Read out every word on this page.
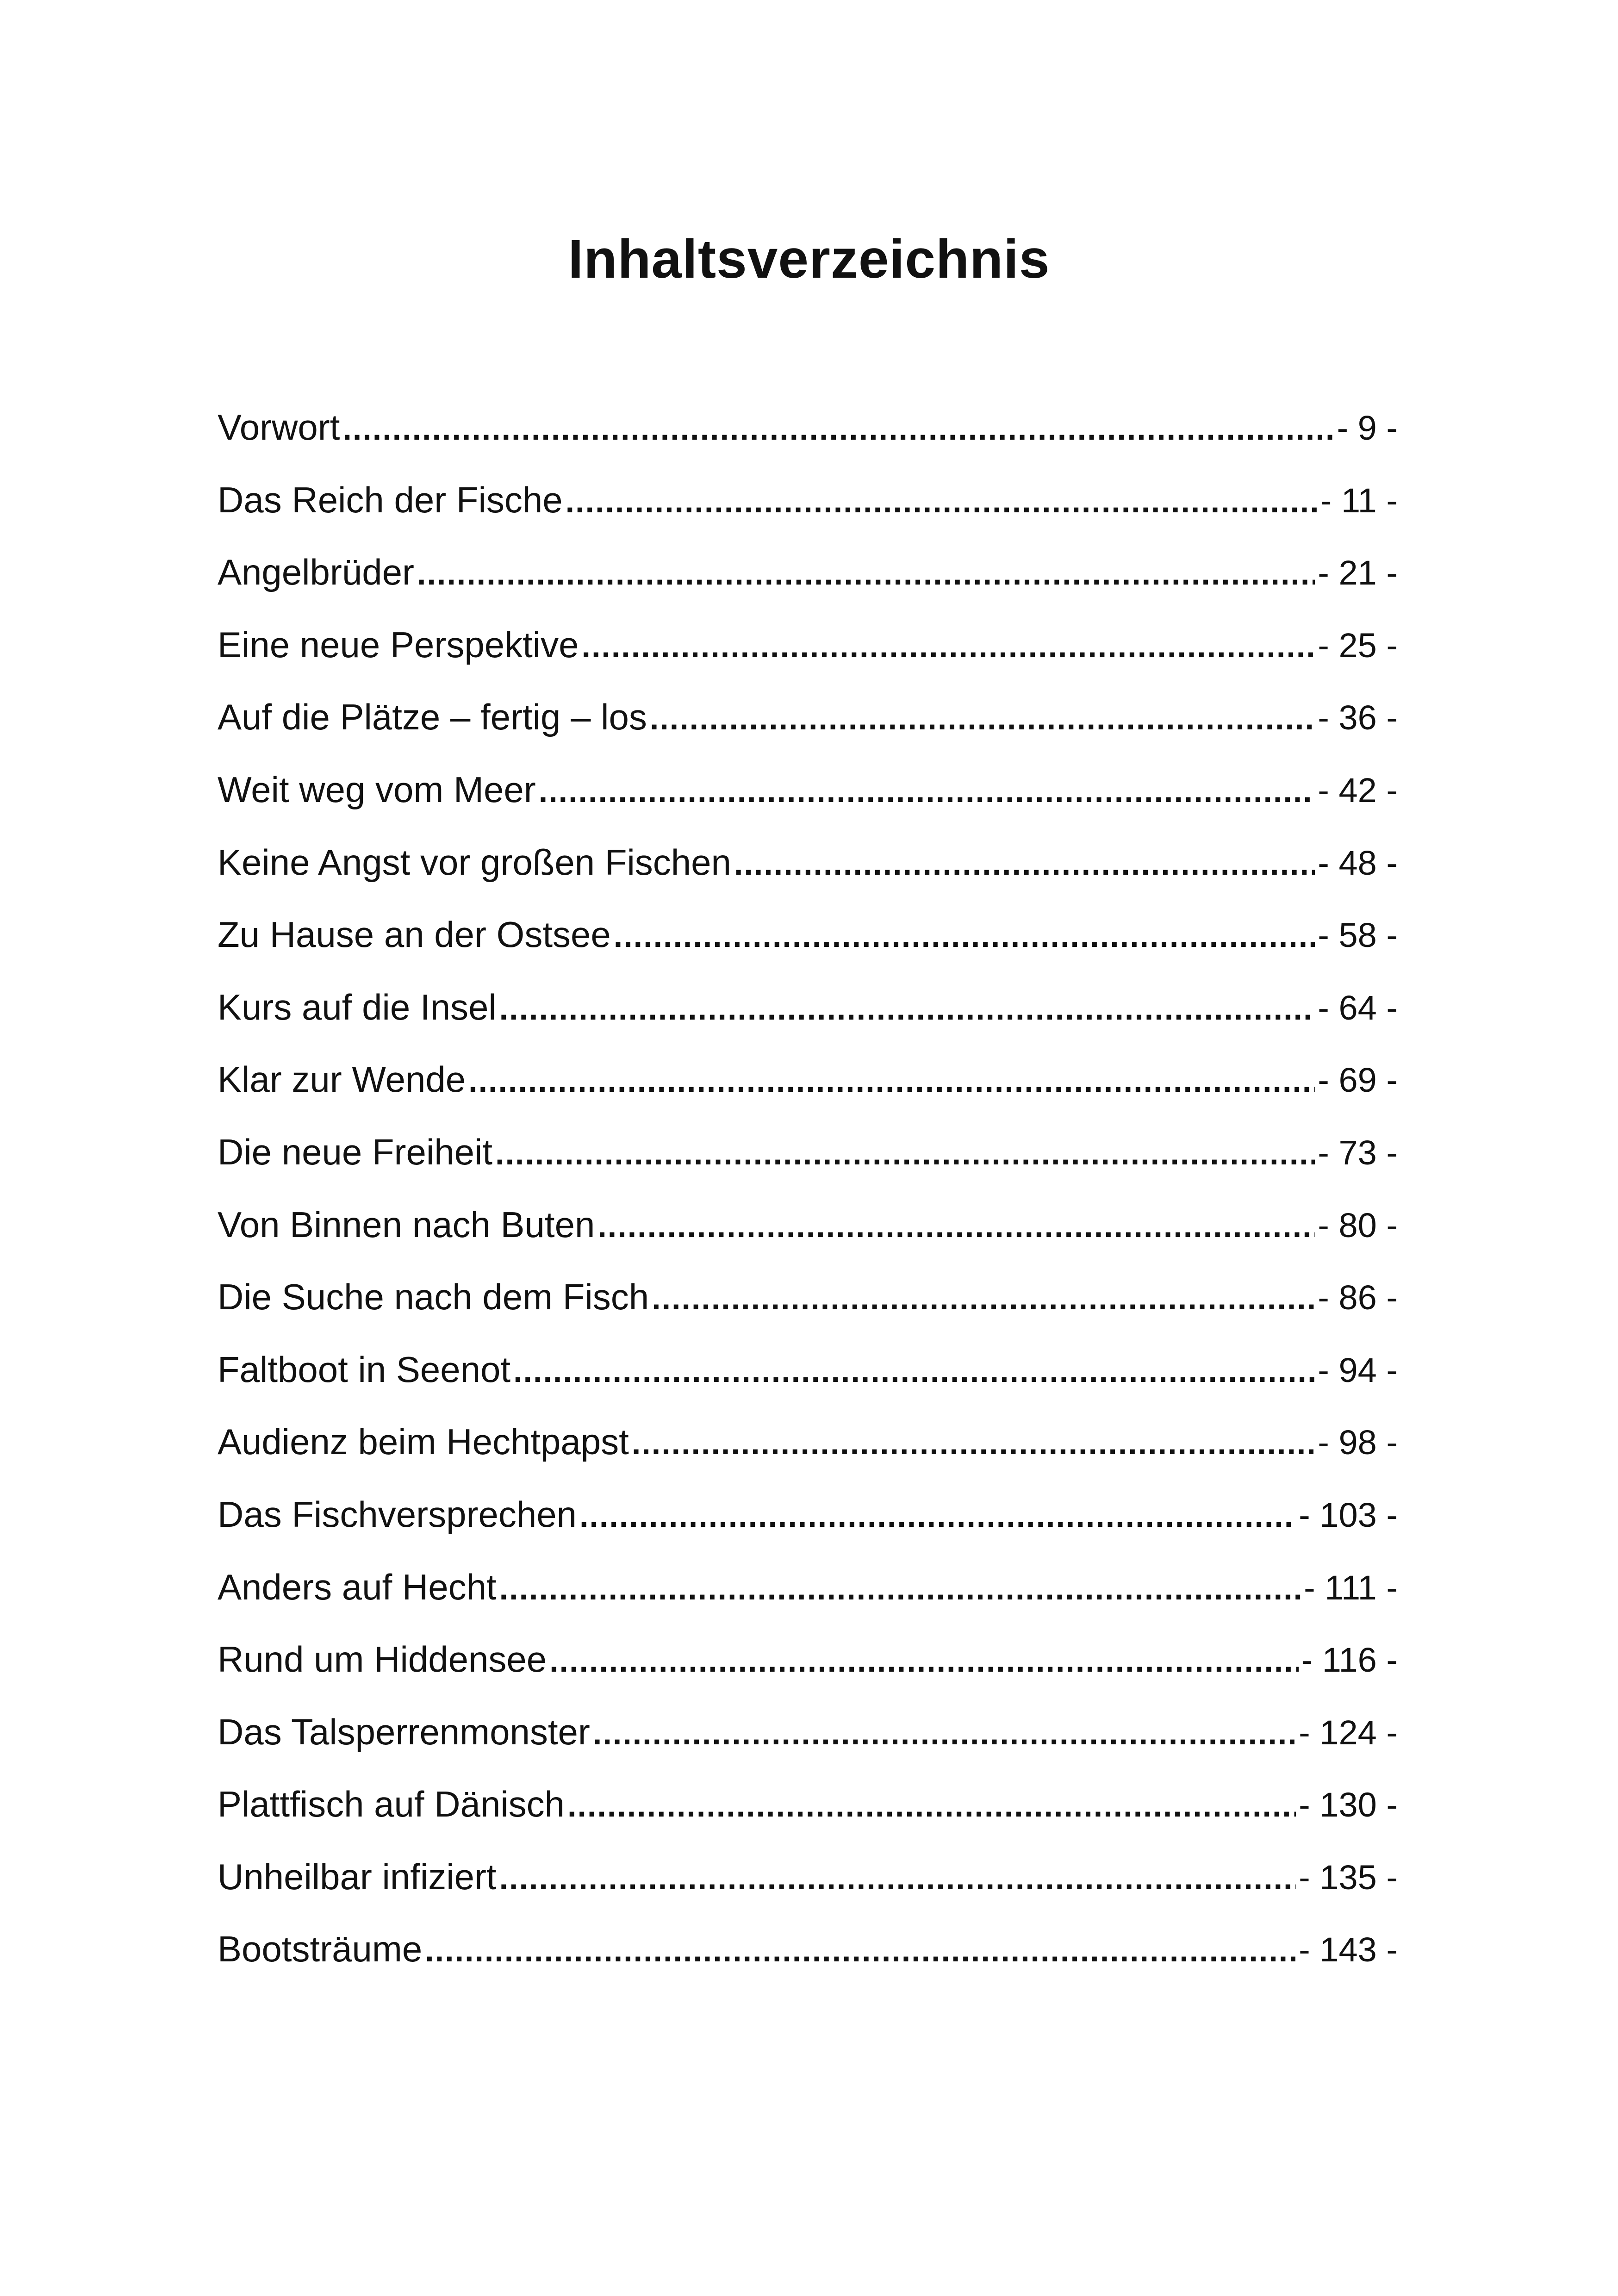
Inhaltsverzeichnis
Vorwort .....	- 9 -
Das Reich der Fische .....	- 11 -
Angelbrüder .....	- 21 -
Eine neue Perspektive .....	- 25 -
Auf die Plätze – fertig – los .....	- 36 -
Weit weg vom Meer .....	- 42 -
Keine Angst vor großen Fischen .....	- 48 -
Zu Hause an der Ostsee .....	- 58 -
Kurs auf die Insel .....	- 64 -
Klar zur Wende .....	- 69 -
Die neue Freiheit .....	- 73 -
Von Binnen nach Buten .....	- 80 -
Die Suche nach dem Fisch .....	- 86 -
Faltboot in Seenot .....	- 94 -
Audienz beim Hechtpapst .....	- 98 -
Das Fischversprechen .....	- 103 -
Anders auf Hecht .....	- 111 -
Rund um Hiddensee .....	- 116 -
Das Talsperrenmonster .....	- 124 -
Plattfisch auf Dänisch .....	- 130 -
Unheilbar infiziert .....	- 135 -
Bootsträume .....	- 143 -
